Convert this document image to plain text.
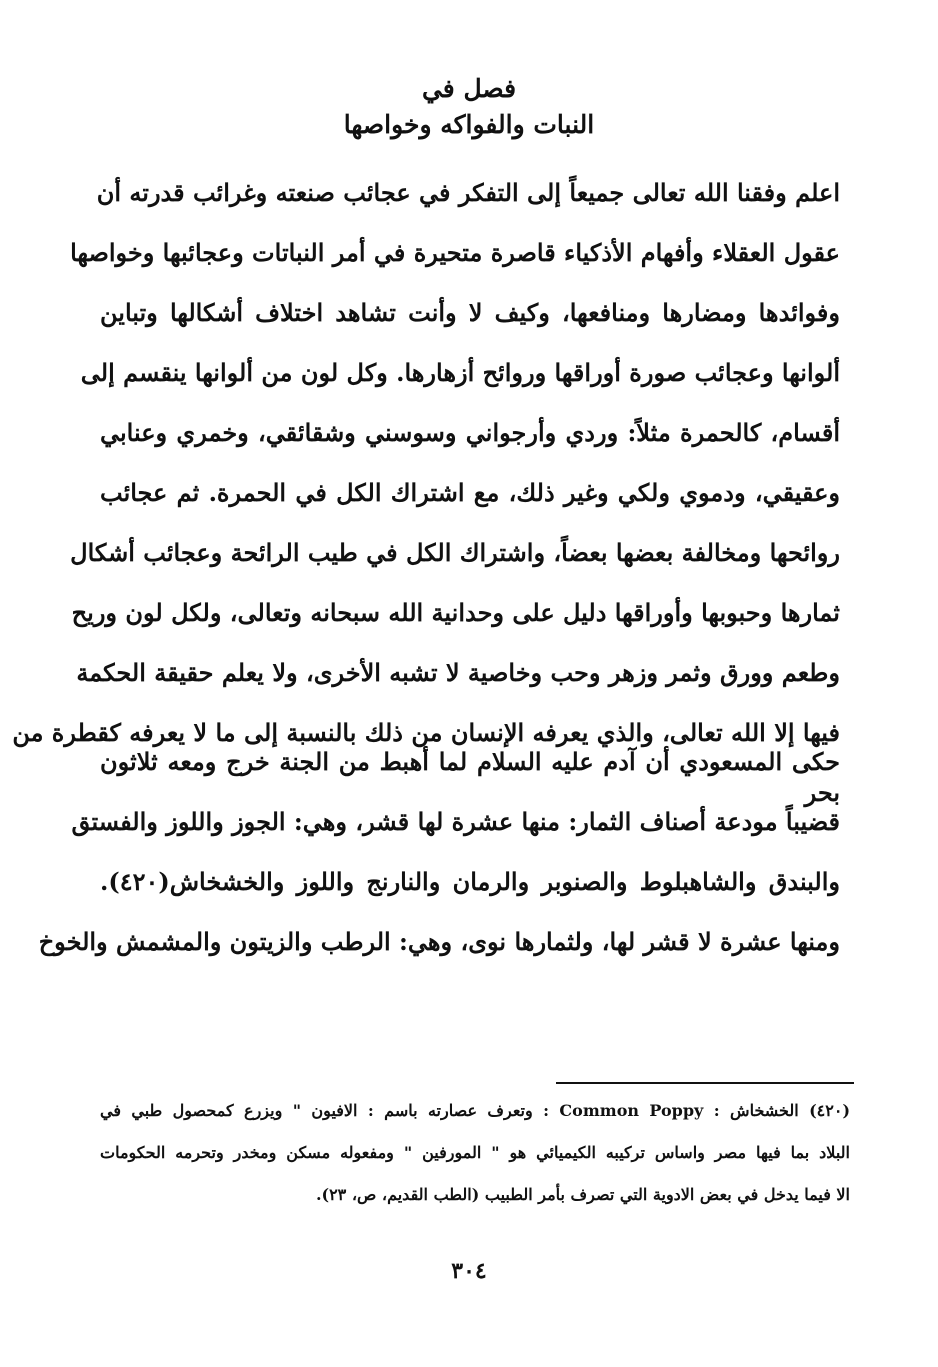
فصل في
النبات والفواكه وخواصها
اعلم وفقنا الله تعالى جميعاً إلى التفكر في عجائب صنعته وغرائب قدرته أن
عقول العقلاء وأفهام الأذكياء قاصرة متحيرة في أمر النباتات وعجائبها وخواصها
وفوائدها ومضارها ومنافعها، وكيف لا وأنت تشاهد اختلاف أشكالها وتباين
ألوانها وعجائب صورة أوراقها وروائح أزهارها. وكل لون من ألوانها ينقسم إلى
أقسام، كالحمرة مثلاً: وردي وأرجواني وسوسني وشقائقي، وخمري وعنابي
وعقيقي، ودموي ولكي وغير ذلك، مع اشتراك الكل في الحمرة. ثم عجائب
روائحها ومخالفة بعضها بعضاً، واشتراك الكل في طيب الرائحة وعجائب أشكال
ثمارها وحبوبها وأوراقها دليل على وحدانية الله سبحانه وتعالى، ولكل لون وريح
وطعم وورق وثمر وزهر وحب وخاصية لا تشبه الأخرى، ولا يعلم حقيقة الحكمة
فيها إلا الله تعالى، والذي يعرفه الإنسان من ذلك بالنسبة إلى ما لا يعرفه كقطرة من
بحر
حكى المسعودي أن آدم عليه السلام لما أهبط من الجنة خرج ومعه ثلاثون
قضيباً مودعة أصناف الثمار: منها عشرة لها قشر، وهي: الجوز واللوز والفستق
والبندق والشاهبلوط والصنوبر والرمان والنارنج واللوز والخشخاش(٤٢٠).
ومنها عشرة لا قشر لها، ولثمارها نوى، وهي: الرطب والزيتون والمشمش والخوخ
(٤٢٠) الخشخاش : Common Poppy : وتعرف عصارته باسم : الافيون " ويزرع كمحصول طبي في
البلاد بما فيها مصر واساس تركيبه الكيميائي هو " المورفين " ومفعوله مسكن ومخدر وتحرمه الحكومات
الا فيما يدخل في بعض الادوية التي تصرف بأمر الطبيب (الطب القديم، ص، ٢٣).
٣٠٤
